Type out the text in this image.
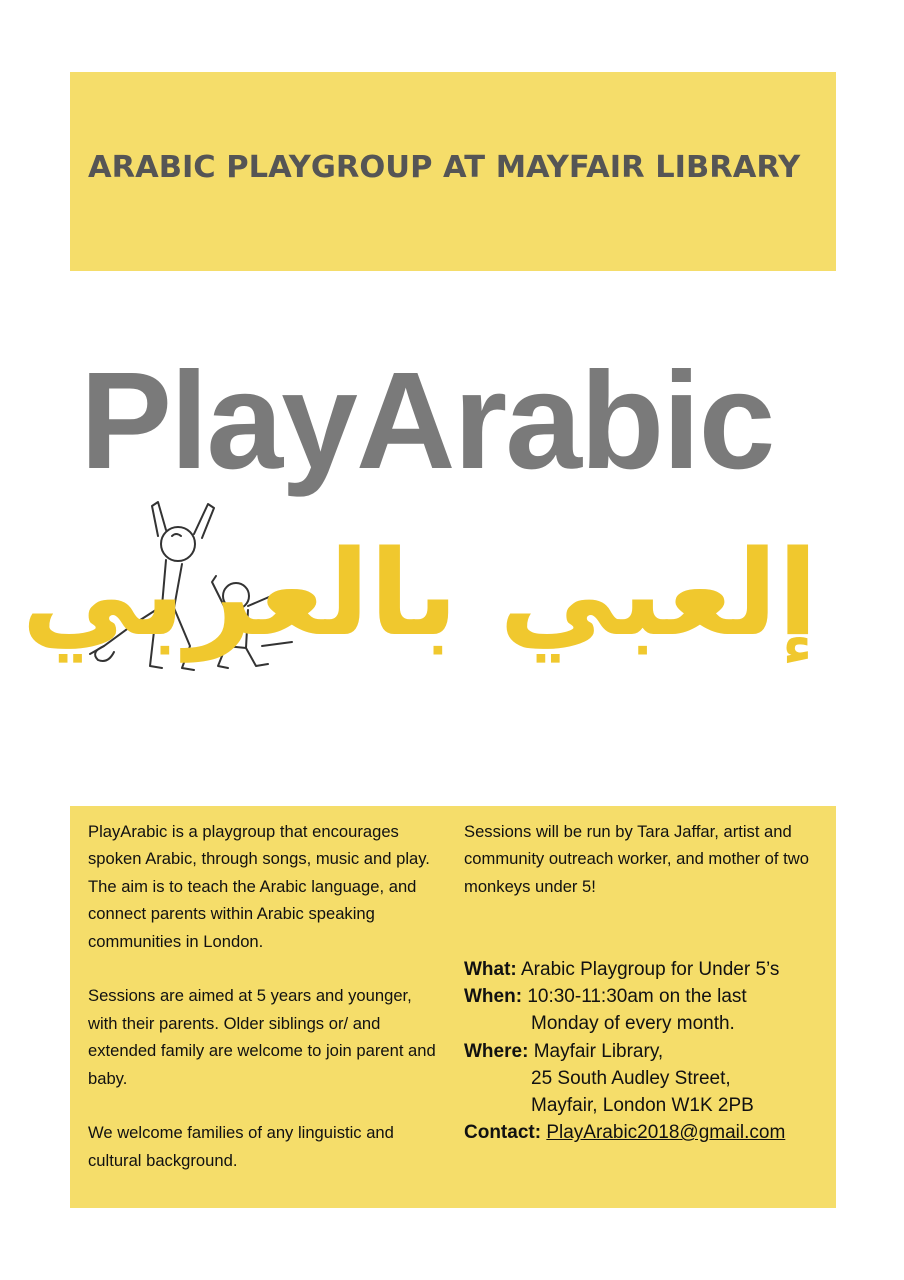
ARABIC PLAYGROUP AT MAYFAIR LIBRARY
PlayArabic
إلعبي بالعربي

PlayArabic is a playgroup that encourages spoken Arabic, through songs, music and play. The aim is to teach the Arabic language, and connect parents within Arabic speaking communities in London.

Sessions are aimed at 5 years and younger, with their parents. Older siblings or/ and extended family are welcome to join parent and baby.

We welcome families of any linguistic and cultural background.

Sessions will be run by Tara Jaffar, artist and community outreach worker, and mother of two monkeys under 5!

What: Arabic Playgroup for Under 5’s
When: 10:30-11:30am on the last
Monday of every month.
Where: Mayfair Library,
25 South Audley Street,
Mayfair, London W1K 2PB
Contact: PlayArabic2018@gmail.com
